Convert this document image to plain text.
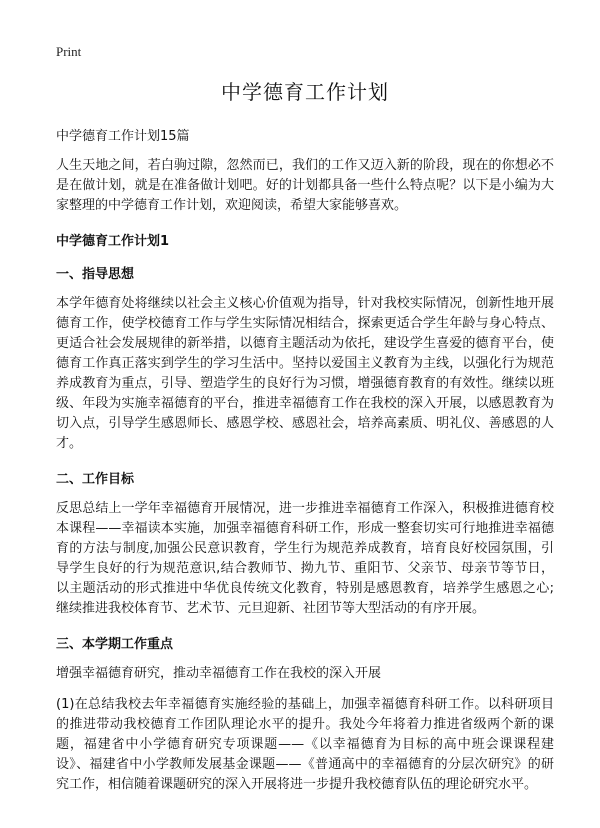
Print
中学德育工作计划
中学德育工作计划15篇

人生天地之间，若白驹过隙，忽然而已，我们的工作又迈入新的阶段，现在的你想必不是在做计划，就是在准备做计划吧。好的计划都具备一些什么特点呢？以下是小编为大家整理的中学德育工作计划，欢迎阅读，希望大家能够喜欢。

中学德育工作计划1
一、指导思想

本学年德育处将继续以社会主义核心价值观为指导，针对我校实际情况，创新性地开展德育工作，使学校德育工作与学生实际情况相结合，探索更适合学生年龄与身心特点、更适合社会发展规律的新举措，以德育主题活动为依托，建设学生喜爱的德育平台，使德育工作真正落实到学生的学习生活中。坚持以爱国主义教育为主线，以强化行为规范养成教育为重点，引导、塑造学生的良好行为习惯，增强德育教育的有效性。继续以班级、年段为实施幸福德育的平台，推进幸福德育工作在我校的深入开展，以感恩教育为切入点，引导学生感恩师长、感恩学校、感恩社会，培养高素质、明礼仪、善感恩的人才。

二、工作目标

反思总结上一学年幸福德育开展情况，进一步推进幸福德育工作深入，积极推进德育校本课程——幸福读本实施，加强幸福德育科研工作，形成一整套切实可行地推进幸福德育的方法与制度,加强公民意识教育，学生行为规范养成教育，培育良好校园氛围，引导学生良好的行为规范意识,结合教师节、拗九节、重阳节、父亲节、母亲节等节日，以主题活动的形式推进中华优良传统文化教育，特别是感恩教育，培养学生感恩之心;继续推进我校体育节、艺术节、元旦迎新、社团节等大型活动的有序开展。

三、本学期工作重点

增强幸福德育研究，推动幸福德育工作在我校的深入开展

(1)在总结我校去年幸福德育实施经验的基础上，加强幸福德育科研工作。以科研项目的推进带动我校德育工作团队理论水平的提升。我处今年将着力推进省级两个新的课题，福建省中小学德育研究专项课题——《以幸福德育为目标的高中班会课课程建设》、福建省中小学教师发展基金课题——《普通高中的幸福德育的分层次研究》的研究工作，相信随着课题研究的深入开展将进一步提升我校德育队伍的理论研究水平。
